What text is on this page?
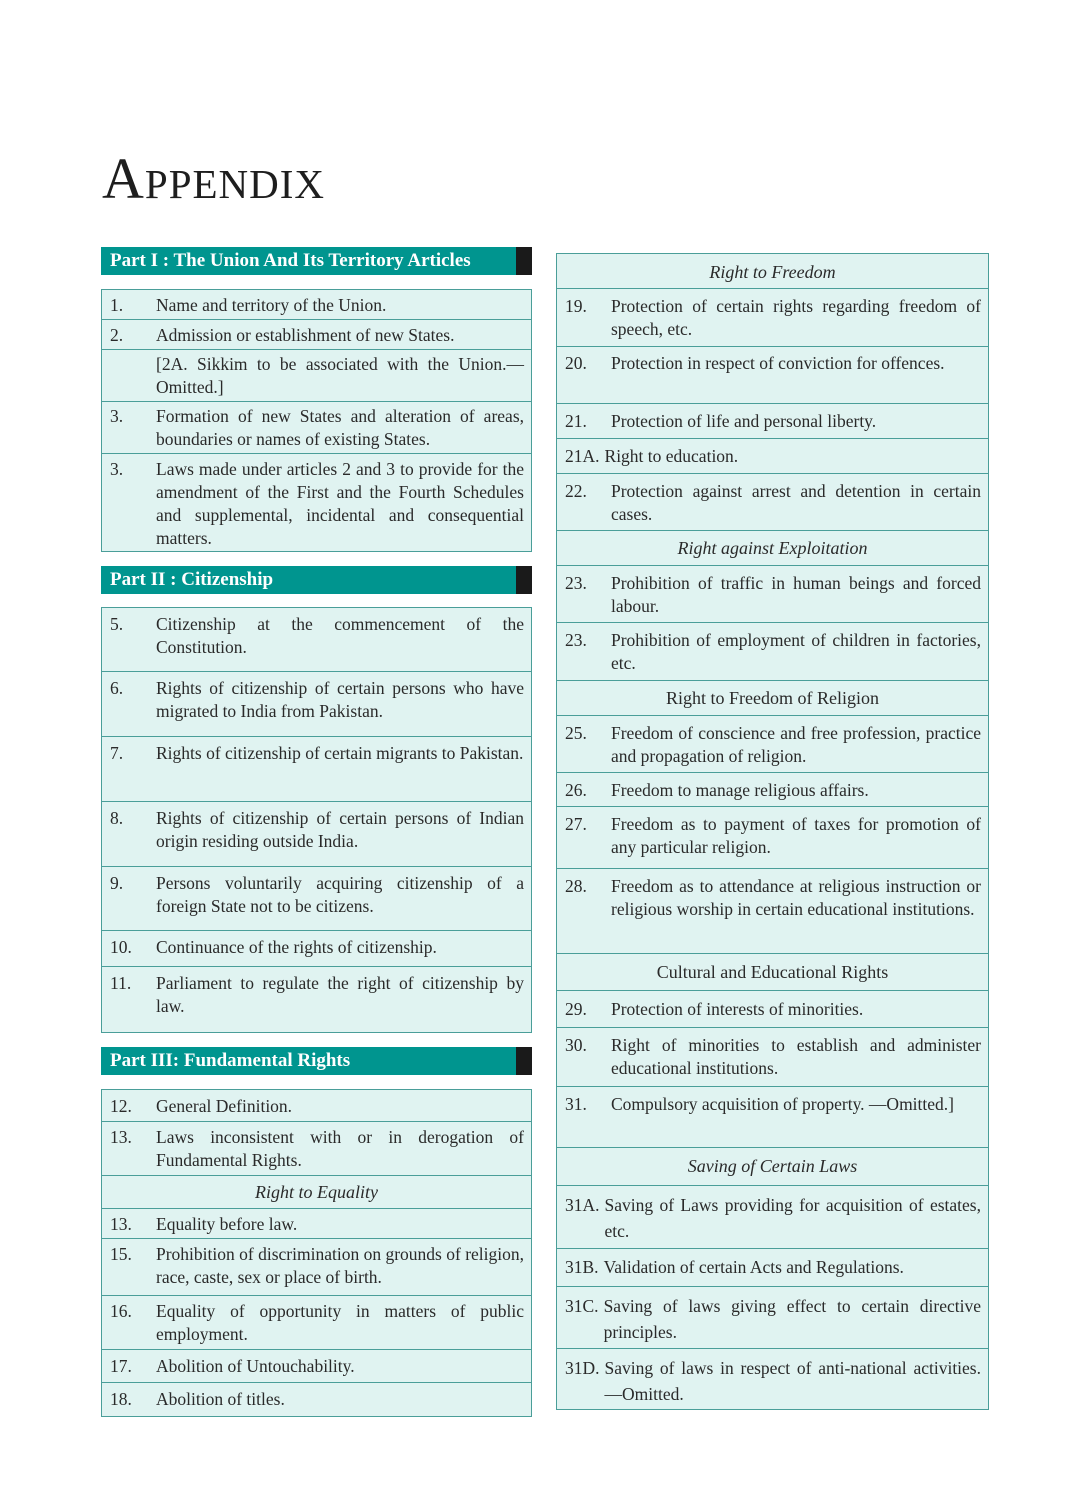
Appendix
Part I : The Union And Its Territory Articles
1.	Name and territory of the Union.
2.	Admission or establishment of new States.
[2A. Sikkim to be associated with the Union.—Omitted.]
3.	Formation of new States and alteration of areas, boundaries or names of existing States.
3.	Laws made under articles 2 and 3 to provide for the amendment of the First and the Fourth Schedules and supplemental, incidental and consequential matters.
Part II : Citizenship
5.	Citizenship at the commencement of the Constitution.
6.	Rights of citizenship of certain persons who have migrated to India from Pakistan.
7.	Rights of citizenship of certain migrants to Pakistan.
8.	Rights of citizenship of certain persons of Indian origin residing outside India.
9.	Persons voluntarily acquiring citizenship of a foreign State not to be citizens.
10.	Continuance of the rights of citizenship.
11.	Parliament to regulate the right of citizenship by law.
Part III: Fundamental Rights
12.	General Definition.
13.	Laws inconsistent with or in derogation of Fundamental Rights.
Right to Equality
13.	Equality before law.
15.	Prohibition of discrimination on grounds of religion, race, caste, sex or place of birth.
16.	Equality of opportunity in matters of public employment.
17.	Abolition of Untouchability.
18.	Abolition of titles.
Right to Freedom
19.	Protection of certain rights regarding freedom of speech, etc.
20.	Protection in respect of conviction for offences.
21.	Protection of life and personal liberty.
21A. Right to education.
22.	Protection against arrest and detention in certain cases.
Right against Exploitation
23.	Prohibition of traffic in human beings and forced labour.
23.	Prohibition of employment of children in factories, etc.
Right to Freedom of Religion
25.	Freedom of conscience and free profession, practice and propagation of religion.
26.	Freedom to manage religious affairs.
27.	Freedom as to payment of taxes for promotion of any particular religion.
28.	Freedom as to attendance at religious instruction or religious worship in certain educational institutions.
Cultural and Educational Rights
29.	Protection of interests of minorities.
30.	Right of minorities to establish and administer educational institutions.
31.	Compulsory acquisition of property. —Omitted.]
Saving of Certain Laws
31A. Saving of Laws providing for acquisition of estates, etc.
31B. Validation of certain Acts and Regulations.
31C. Saving of laws giving effect to certain directive principles.
31D. Saving of laws in respect of anti-national activities.—Omitted.
